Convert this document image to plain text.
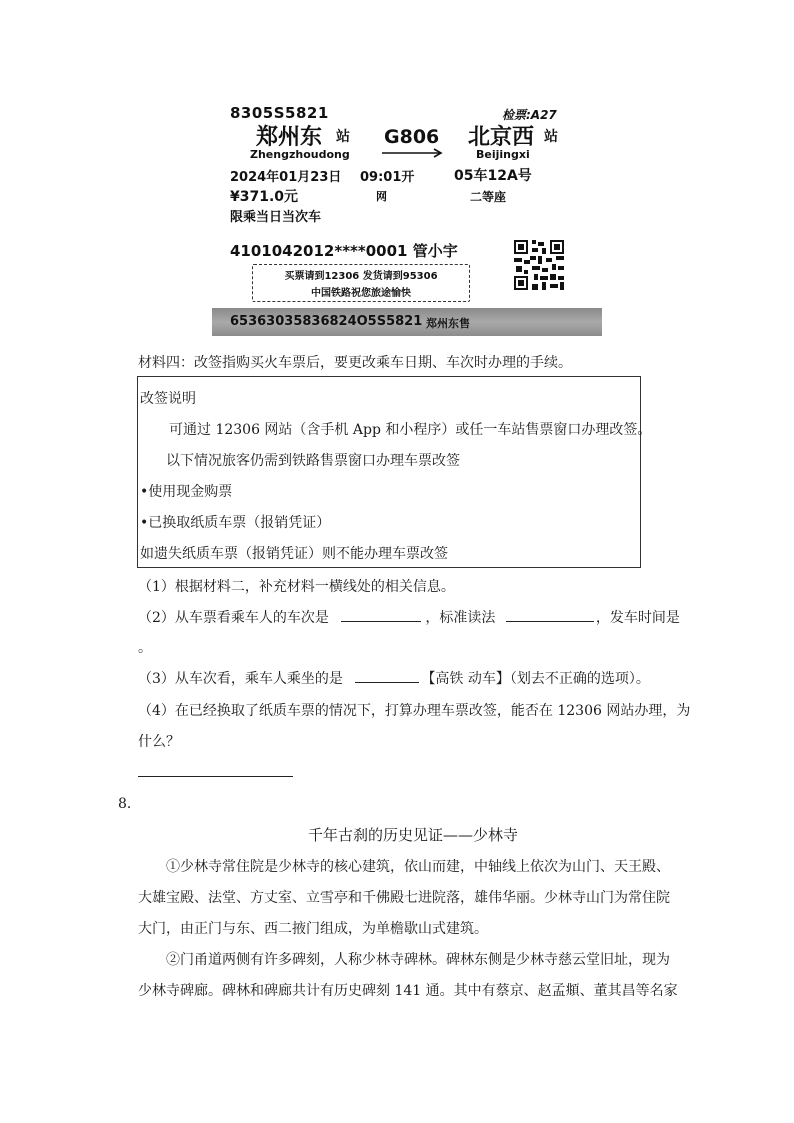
8305S5821	检票:A27
郑州东 站 G806 北京西 站
Zhengzhoudong	Beijingxi
2024年01月23日 09:01开	05车12A号
¥371.0元	网	二等座
限乘当日当次车
4101042012****0001 管小宇
买票请到12306 发货请到95306
中国铁路祝您旅途愉快
65363035836824O5S5821 郑州东售
材料四：改签指购买火车票后，要更改乘车日期、车次时办理的手续。
改签说明
可通过 12306 网站（含手机 App 和小程序）或任一车站售票窗口办理改签。
以下情况旅客仍需到铁路售票窗口办理车票改签
•使用现金购票
•已换取纸质车票（报销凭证）
如遗失纸质车票（报销凭证）则不能办理车票改签
（1）根据材料二，补充材料一横线处的相关信息。
（2）从车票看乘车人的车次是	，标准读法	，发车时间是
。
（3）从车次看，乘车人乘坐的是	【高铁 动车】（划去不正确的选项）。
（4）在已经换取了纸质车票的情况下，打算办理车票改签，能否在 12306 网站办理，为
什么？
8．
千年古刹的历史见证——少林寺
①少林寺常住院是少林寺的核心建筑，依山而建，中轴线上依次为山门、天王殿、
大雄宝殿、法堂、方丈室、立雪亭和千佛殿七进院落，雄伟华丽。少林寺山门为常住院
大门，由正门与东、西二掖门组成，为单檐歇山式建筑。
②门甬道两侧有许多碑刻，人称少林寺碑林。碑林东侧是少林寺慈云堂旧址，现为
少林寺碑廊。碑林和碑廊共计有历史碑刻 141 通。其中有蔡京、赵孟頫、董其昌等名家
